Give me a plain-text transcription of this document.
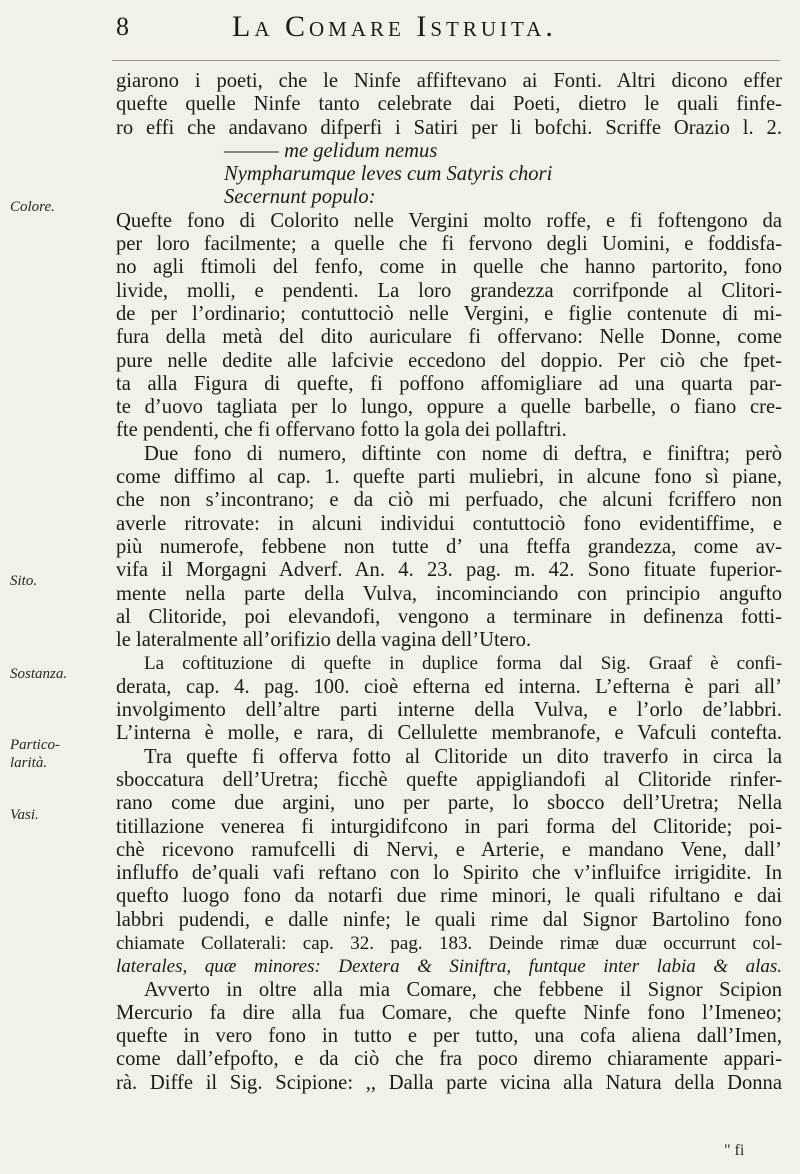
8	La Comare Istruita.
Colore.
Sito.
Sostanza.
Partico-
larità.
Vasi.
giarono i poeti, che le Ninfe affiftevano ai Fonti. Altri dicono effer
quefte quelle Ninfe tanto celebrate dai Poeti, dietro le quali finfe-
ro effi che andavano difperfi i Satiri per li bofchi. Scriffe Orazio l. 2.
——— me gelidum nemus
Nympharumque leves cum Satyris chori
Secernunt populo:
Quefte fono di Colorito nelle Vergini molto roffe, e fi foftengono da
per loro facilmente; a quelle che fi fervono degli Uomini, e foddisfa-
no agli ftimoli del fenfo, come in quelle che hanno partorito, fono
livide, molli, e pendenti. La loro grandezza corrifponde al Clitori-
de per l’ordinario; contuttociò nelle Vergini, e figlie contenute di mi-
fura della metà del dito auriculare fi offervano: Nelle Donne, come
pure nelle dedite alle lafcivie eccedono del doppio. Per ciò che fpet-
ta alla Figura di quefte, fi poffono affomigliare ad una quarta par-
te d’uovo tagliata per lo lungo, oppure a quelle barbelle, o fiano cre-
fte pendenti, che fi offervano fotto la gola dei pollaftri.
Due fono di numero, diftinte con nome di deftra, e finiftra; però
come diffimo al cap. 1. quefte parti muliebri, in alcune fono sì piane,
che non s’incontrano; e da ciò mi perfuado, che alcuni fcriffero non
averle ritrovate: in alcuni individui contuttociò fono evidentiffime, e
più numerofe, febbene non tutte d’ una fteffa grandezza, come av-
vifa il Morgagni Adverf. An. 4. 23. pag. m. 42. Sono fituate fuperior-
mente nella parte della Vulva, incominciando con principio angufto
al Clitoride, poi elevandofi, vengono a terminare in definenza fotti-
le lateralmente all’orifizio della vagina dell’Utero.
La coftituzione di quefte in duplice forma dal Sig. Graaf è confi-
derata, cap. 4. pag. 100. cioè efterna ed interna. L’efterna è pari all’
involgimento dell’altre parti interne della Vulva, e l’orlo de’labbri.
L’interna è molle, e rara, di Cellulette membranofe, e Vafculi contefta.
Tra quefte fi offerva fotto al Clitoride un dito traverfo in circa la
sboccatura dell’Uretra; ficchè quefte appigliandofi al Clitoride rinfer-
rano come due argini, uno per parte, lo sbocco dell’Uretra; Nella
titillazione venerea fi inturgidifcono in pari forma del Clitoride; poi-
chè ricevono ramufcelli di Nervi, e Arterie, e mandano Vene, dall’
influffo de’quali vafi reftano con lo Spirito che v’influifce irrigidite. In
quefto luogo fono da notarfi due rime minori, le quali rifultano e dai
labbri pudendi, e dalle ninfe; le quali rime dal Signor Bartolino fono
chiamate Collaterali: cap. 32. pag. 183. Deinde rimæ duæ occurrunt col-
laterales, quæ minores: Dextera & Siniftra, funtque inter labia & alas.
Avverto in oltre alla mia Comare, che febbene il Signor Scipion
Mercurio fa dire alla fua Comare, che quefte Ninfe fono l’Imeneo;
quefte in vero fono in tutto e per tutto, una cofa aliena dall’Imen,
come dall’efpofto, e da ciò che fra poco diremo chiaramente appari-
rà. Diffe il Sig. Scipione: ,, Dalla parte vicina alla Natura della Donna
" fi
